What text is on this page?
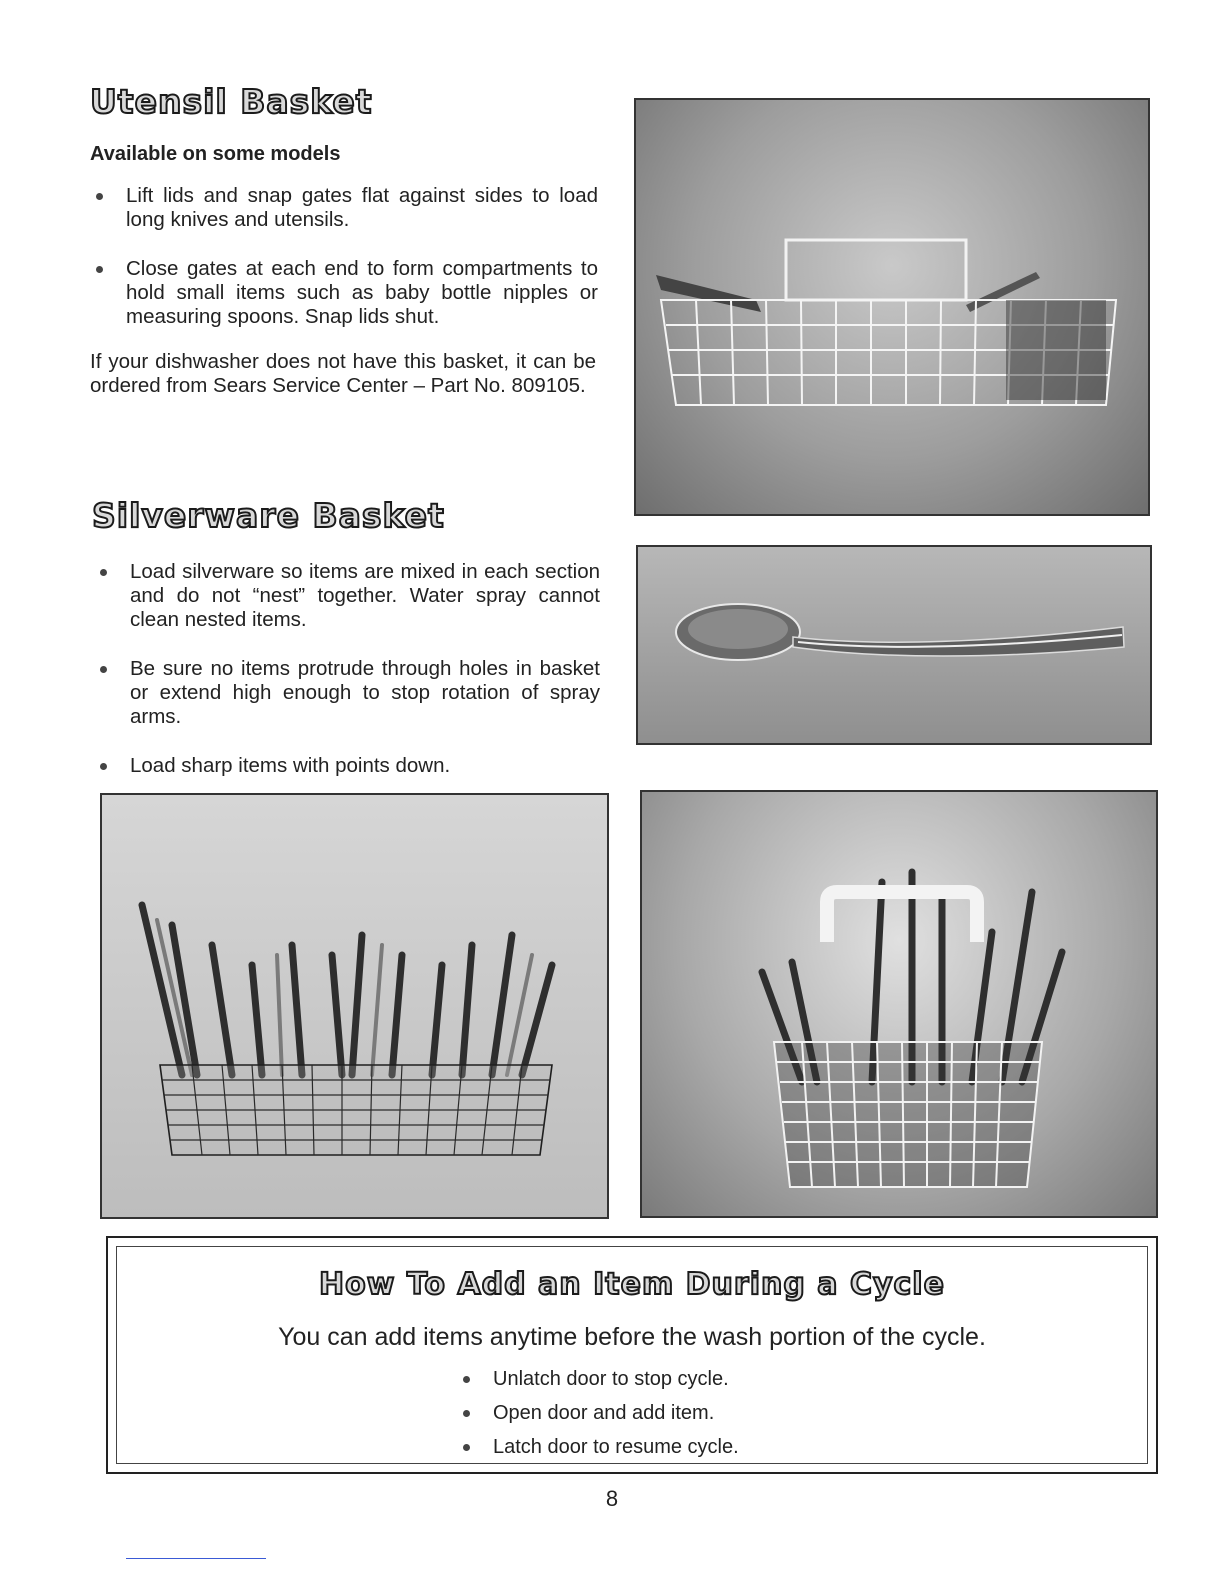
Utensil Basket
Available on some models
Lift lids and snap gates flat against sides to load long knives and utensils.
Close gates at each end to form compartments to hold small items such as baby bottle nipples or measuring spoons. Snap lids shut.
If your dishwasher does not have this basket, it can be ordered from Sears Service Center – Part No. 809105.
Silverware Basket
Load silverware so items are mixed in each section and do not “nest” together. Water spray cannot clean nested items.
Be sure no items protrude through holes in basket or extend high enough to stop rotation of spray arms.
Load sharp items with points down.
How To Add an Item During a Cycle
You can add items anytime before the wash portion of the cycle.
Unlatch door to stop cycle.
Open door and add item.
Latch door to resume cycle.
8
